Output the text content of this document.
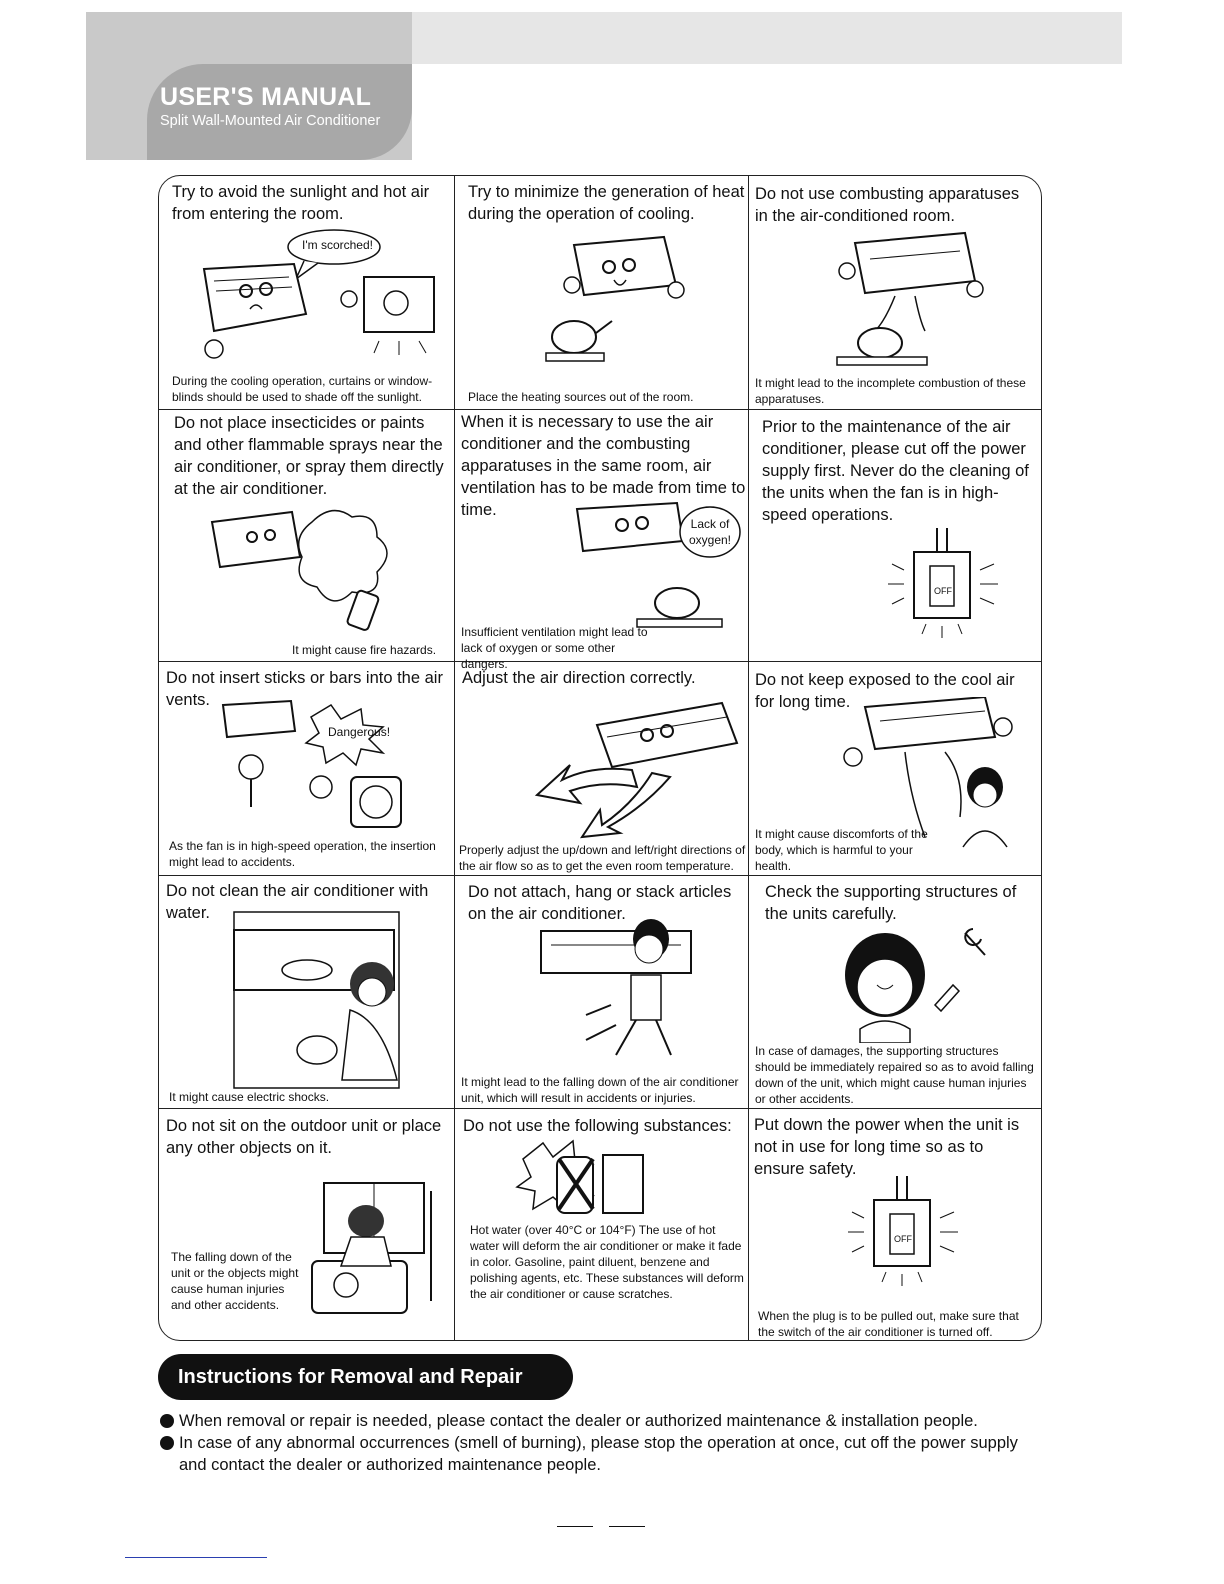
USER'S MANUAL
Split Wall-Mounted Air Conditioner
Try to avoid the sunlight and hot air from entering the room.
I'm scorched!
During the cooling operation, curtains or window-blinds should be used to shade off the sunlight.
Try to minimize the generation of heat during the operation of cooling.
Place the heating sources out of the room.
Do not use combusting apparatuses in the air-conditioned room.
It might lead to the incomplete combustion of these apparatuses.
Do not place insecticides or paints and other flammable sprays near the air conditioner, or spray them directly at the air conditioner.
It might cause fire hazards.
When it is necessary to use the air conditioner and the combusting apparatuses in the same room, air ventilation has to be made from time to time.
Lack of oxygen!
Insufficient ventilation might lead to lack of oxygen or some other dangers.
Prior to the maintenance of the air conditioner, please cut off the power supply first. Never do the cleaning of the units when the fan is in high-speed operations.
OFF
Do not insert sticks or bars into the air vents.
Dangerous!
As the fan is in high-speed operation, the insertion might lead to accidents.
Adjust the air direction correctly.
Properly adjust the up/down and left/right directions of the air flow so as to get the even room temperature.
Do not keep exposed to the cool air for long time.
It might cause discomforts of the body, which is harmful to your health.
Do not clean the air conditioner with water.
It might cause electric shocks.
Do not attach, hang or stack articles on the air conditioner.
It might lead to the falling down of the air conditioner unit, which will result in accidents or injuries.
Check the supporting structures of the units carefully.
In case of damages, the supporting structures should be immediately repaired so as to avoid falling down of the unit, which might cause human injuries or other accidents.
Do not sit on the outdoor unit or place any other objects on it.
The falling down of the unit or the objects might cause human injuries and other accidents.
Do not use the following substances:
Hot water (over 40°C or 104°F) The use of hot water will deform the air conditioner or make it fade in color. Gasoline, paint diluent, benzene and polishing agents, etc. These substances will deform the air conditioner or cause scratches.
Put down the power when the unit is not in use for long time so as to ensure safety.
OFF
When the plug is to be pulled out, make sure that the switch of the air conditioner is turned off.
Instructions for Removal and Repair
When removal or repair is needed, please contact the dealer or authorized maintenance & installation people.
In case of any abnormal occurrences (smell of burning), please stop the operation at once, cut off the power supply and contact the dealer or authorized maintenance people.
